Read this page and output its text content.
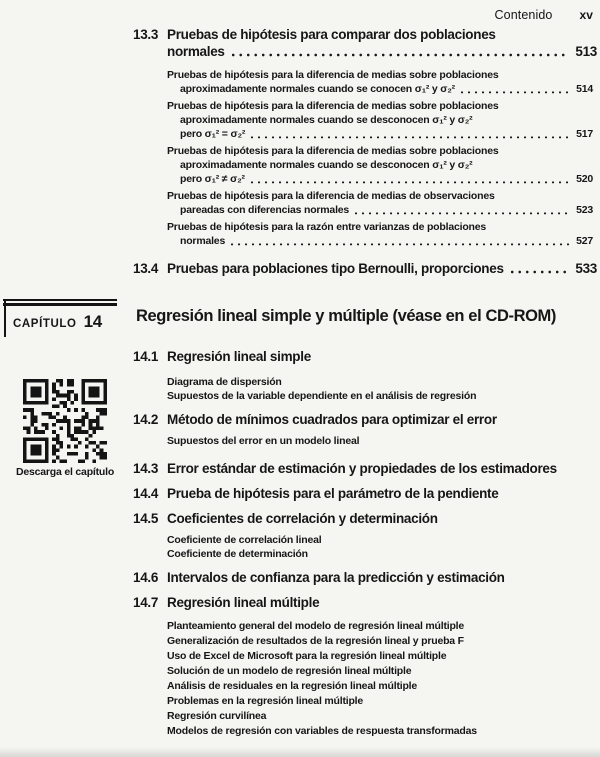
Contenido xv
13.3 Pruebas de hipótesis para comparar dos poblaciones
normales	513
Pruebas de hipótesis para la diferencia de medias sobre poblaciones
aproximadamente normales cuando se conocen σ₁² y σ₂²	514
Pruebas de hipótesis para la diferencia de medias sobre poblaciones
aproximadamente normales cuando se desconocen σ₁² y σ₂²
pero σ₁² = σ₂²	517
Pruebas de hipótesis para la diferencia de medias sobre poblaciones
aproximadamente normales cuando se desconocen σ₁² y σ₂²
pero σ₁² ≠ σ₂²	520
Pruebas de hipótesis para la diferencia de medias de observaciones
pareadas con diferencias normales	523
Pruebas de hipótesis para la razón entre varianzas de poblaciones
normales	527
13.4 Pruebas para poblaciones tipo Bernoulli, proporciones	533
CAPÍTULO 14 Regresión lineal simple y múltiple (véase en el CD-ROM)
Descarga el capítulo
14.1 Regresión lineal simple
Diagrama de dispersión
Supuestos de la variable dependiente en el análisis de regresión
14.2 Método de mínimos cuadrados para optimizar el error
Supuestos del error en un modelo lineal
14.3 Error estándar de estimación y propiedades de los estimadores
14.4 Prueba de hipótesis para el parámetro de la pendiente
14.5 Coeficientes de correlación y determinación
Coeficiente de correlación lineal
Coeficiente de determinación
14.6 Intervalos de confianza para la predicción y estimación
14.7 Regresión lineal múltiple
Planteamiento general del modelo de regresión lineal múltiple
Generalización de resultados de la regresión lineal y prueba F
Uso de Excel de Microsoft para la regresión lineal múltiple
Solución de un modelo de regresión lineal múltiple
Análisis de residuales en la regresión lineal múltiple
Problemas en la regresión lineal múltiple
Regresión curvilínea
Modelos de regresión con variables de respuesta transformadas
